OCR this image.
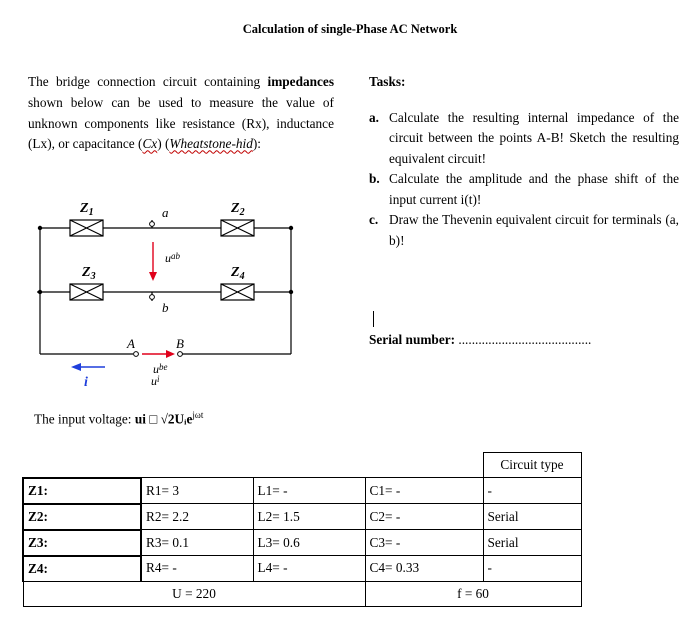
Calculation of single-Phase AC Network
The bridge connection circuit containing impedances shown below can be used to measure the value of unknown components like resistance (Rx), inductance (Lx), or capacitance (Cx) (Wheatstone-hid):
Tasks:
a. Calculate the resulting internal impedance of the circuit between the points A-B! Sketch the resulting equivalent circuit!
b. Calculate the amplitude and the phase shift of the input current i(t)!
c. Draw the Thevenin equivalent circuit for terminals (a, b)!
Serial number: ........................................
$Z_1$	$Z_2$
$Z_3$	$Z_4$
a
b
A	B
$u^{ab}$
$u^{be}$
$u^i$
i
The input voltage: ui □ √2Uᵢe$^{j\omega t}$
				Circuit type
Z1:	R1= 3	L1= -	C1= -	-
Z2:	R2= 2.2	L2= 1.5	C2= -	Serial
Z3:	R3= 0.1	L3= 0.6	C3= -	Serial
Z4:	R4= -	L4= -	C4= 0.33	-
U = 220			f = 60	
